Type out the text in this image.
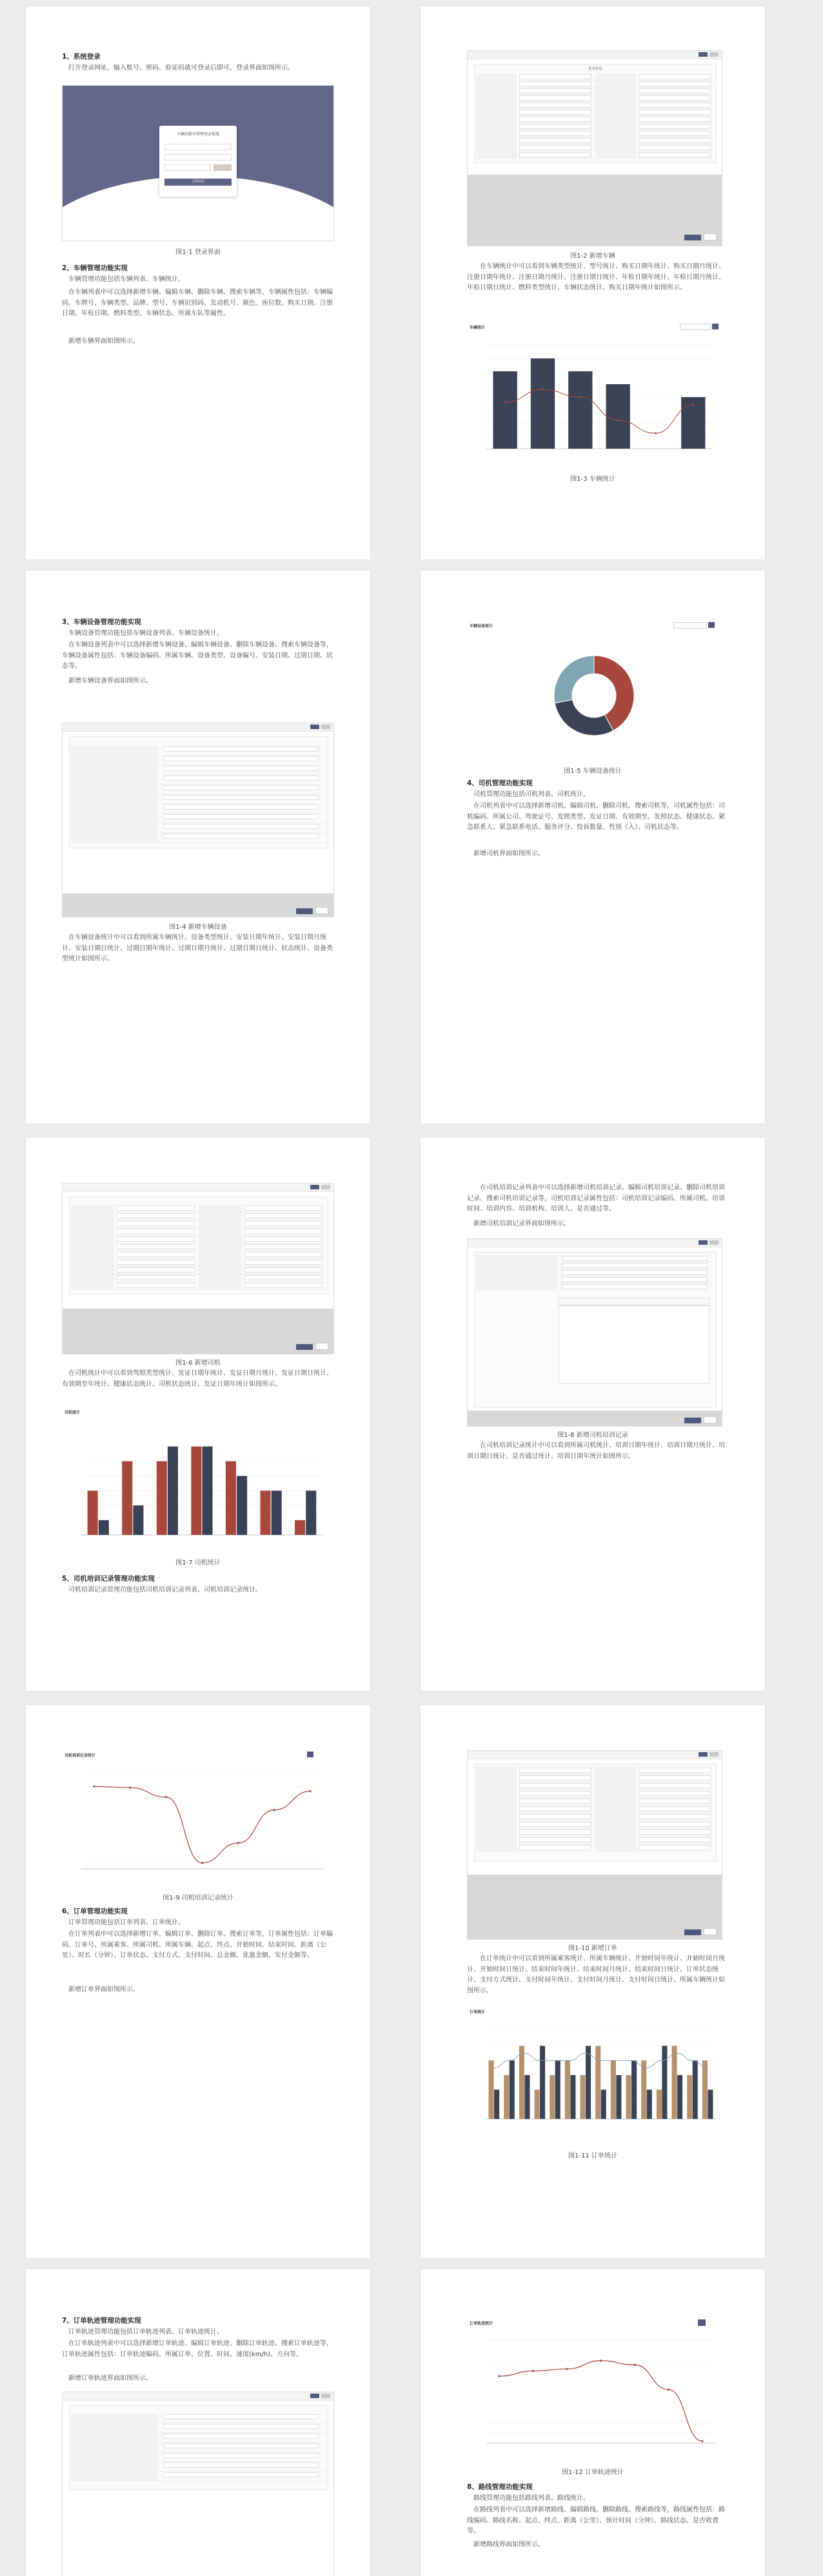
1、系统登录
打开登录网址，输入账号、密码、验证码就可登录后即可，登录界面如图所示。
车辆出租车管理登录系统
立即登录
图1-1 登录界面
2、车辆管理功能实现
车辆管理功能包括车辆列表、车辆统计。
在车辆列表中可以选择新增车辆、编辑车辆、删除车辆、搜索车辆等，车辆属性包括：车辆编码、车牌号、车辆类型、品牌、型号、车辆识别码、发动机号、颜色、座位数、购买日期、注册日期、年检日期、燃料类型、车辆状态、所属车队等属性。
新增车辆界面如图所示。
基本信息
图1-2 新增车辆
在车辆统计中可以看到车辆类型统计、型号统计、购买日期年统计、购买日期月统计、注册日期年统计、注册日期月统计、注册日期日统计、年检日期年统计、年检日期月统计、年检日期日统计、燃料类型统计、车辆状态统计、购买日期年统计如图所示。
车辆统计
图1-3 车辆统计
3、车辆设备管理功能实现
车辆设备管理功能包括车辆设备列表、车辆设备统计。
在车辆设备列表中可以选择新增车辆设备、编辑车辆设备、删除车辆设备、搜索车辆设备等，车辆设备属性包括：车辆设备编码、所属车辆、设备类型、设备编号、安装日期、过期日期、状态等。
新增车辆设备界面如图所示。
图1-4 新增车辆设备
在车辆设备统计中可以看到所属车辆统计、设备类型统计、安装日期年统计、安装日期月统计、安装日期日统计、过期日期年统计、过期日期月统计、过期日期日统计、状态统计、设备类型统计如图所示。
车辆设备统计
图1-5 车辆设备统计
4、司机管理功能实现
司机管理功能包括司机列表、司机统计。
在司机列表中可以选择新增司机、编辑司机、删除司机、搜索司机等，司机属性包括：司机编码、所属公司、驾驶证号、发照类型、发证日期、有效期至、发照状态、健康状态、紧急联系人、紧急联系电话、服务评分、投诉数量、性别（入）、司机状态等。
新增司机界面如图所示。
图1-6 新增司机
在司机统计中可以看到驾照类型统计、发证日期年统计、发证日期月统计、发证日期日统计、有效期至年统计、健康状态统计、司机状态统计、发证日期年统计如图所示。
司机统计
图1-7 司机统计
5、司机培训记录管理功能实现
司机培训记录管理功能包括司机培训记录列表、司机培训记录统计。
在司机培训记录列表中可以选择新增司机培训记录、编辑司机培训记录、删除司机培训记录、搜索司机培训记录等，司机培训记录属性包括：司机培训记录编码、所属司机、培训时间、培训内容、培训机构、培训人、是否通过等。
新增司机培训记录界面如图所示。
图1-8 新增司机培训记录
在司机培训记录统计中可以看到所属司机统计、培训日期年统计、培训日期月统计、培训日期日统计、是否通过统计、培训日期年统计如图所示。
司机培训记录统计
图1-9 司机培训记录统计
6、订单管理功能实现
订单管理功能包括订单列表、订单统计。
在订单列表中可以选择新增订单、编辑订单、删除订单、搜索订单等，订单属性包括：订单编码、订单号、所属乘客、所属司机、所属车辆、起点、终点、开始时间、结束时间、距离（公里）、时长（分钟）、订单状态、支付方式、支付时间、总金额、优惠金额、实付金额等。
新增订单界面如图所示。
图1-10 新增订单
在订单统计中可以看到所属乘客统计、所属车辆统计、开始时间年统计、开始时间月统计、开始时间日统计、结束时间年统计、结束时间月统计、结束时间日统计、订单状态统计、支付方式统计、支付时间年统计、支付时间月统计、支付时间日统计、所属车辆统计如图所示。
订单统计
图1-11 订单统计
7、订单轨迹管理功能实现
订单轨迹管理功能包括订单轨迹列表、订单轨迹统计。
在订单轨迹列表中可以选择新增订单轨迹、编辑订单轨迹、删除订单轨迹、搜索订单轨迹等，订单轨迹属性包括：订单轨迹编码、所属订单、位置、时间、速度(km/h)、方向等。
新增订单轨迹界面如图所示。
订单轨迹统计
图1-12 订单轨迹统计
8、路线管理功能实现
路线管理功能包括路线列表、路线统计。
在路线列表中可以选择新增路线、编辑路线、删除路线、搜索路线等，路线属性包括：路线编码、路线名称、起点、终点、距离（公里）、预计时间（分钟）、路线状态、是否收费等。
新增路线界面如图所示。
